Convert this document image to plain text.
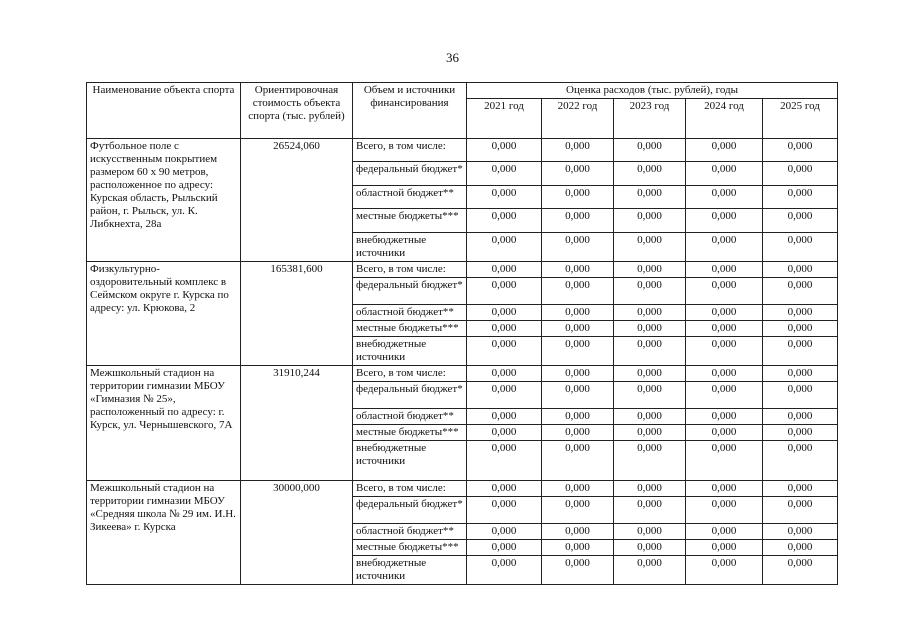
36
Наименование объекта спорта	Ориентировочная стоимость объекта спорта (тыс. рублей)	Объем и источники финансирования	Оценка расходов (тыс. рублей), годы				
			2021 год	2022 год	2023 год	2024 год	2025 год
Футбольное поле с искусственным покрытием размером 60 х 90 метров, расположенное по адресу: Курская область, Рыльский район, г. Рыльск, ул. К. Либкнехта, 28а	26524,060	Всего, в том числе:	0,000	0,000	0,000	0,000	0,000
		федеральный бюджет*	0,000	0,000	0,000	0,000	0,000
		областной бюджет**	0,000	0,000	0,000	0,000	0,000
		местные бюджеты***	0,000	0,000	0,000	0,000	0,000
		внебюджетные источники	0,000	0,000	0,000	0,000	0,000
Физкультурно-оздоровительный комплекс в Сеймском округе г. Курска по адресу: ул. Крюкова, 2	165381,600	Всего, в том числе:	0,000	0,000	0,000	0,000	0,000
		федеральный бюджет*	0,000	0,000	0,000	0,000	0,000
		областной бюджет**	0,000	0,000	0,000	0,000	0,000
		местные бюджеты***	0,000	0,000	0,000	0,000	0,000
		внебюджетные источники	0,000	0,000	0,000	0,000	0,000
Межшкольный стадион на территории гимназии МБОУ «Гимназия № 25», расположенный по адресу: г. Курск, ул. Чернышевского, 7А	31910,244	Всего, в том числе:	0,000	0,000	0,000	0,000	0,000
		федеральный бюджет*	0,000	0,000	0,000	0,000	0,000
		областной бюджет**	0,000	0,000	0,000	0,000	0,000
		местные бюджеты***	0,000	0,000	0,000	0,000	0,000
		внебюджетные источники	0,000	0,000	0,000	0,000	0,000
Межшкольный стадион на территории гимназии МБОУ «Средняя школа № 29 им. И.Н. Зикеева» г. Курска	30000,000	Всего, в том числе:	0,000	0,000	0,000	0,000	0,000
		федеральный бюджет*	0,000	0,000	0,000	0,000	0,000
		областной бюджет**	0,000	0,000	0,000	0,000	0,000
		местные бюджеты***	0,000	0,000	0,000	0,000	0,000
		внебюджетные источники	0,000	0,000	0,000	0,000	0,000
